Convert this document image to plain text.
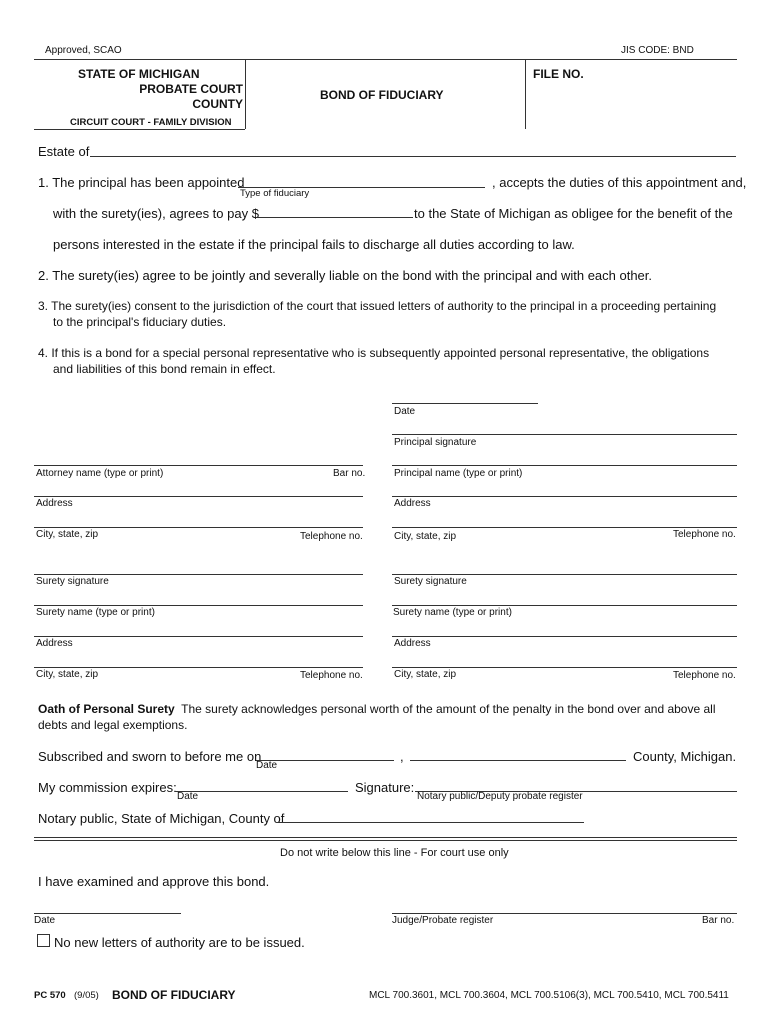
Approved, SCAO	JIS CODE: BND
STATE OF MICHIGAN
PROBATE COURT
COUNTY
CIRCUIT COURT - FAMILY DIVISION
BOND OF FIDUCIARY
FILE NO.
Estate of
1. The principal has been appointed
Type of fiduciary
, accepts the duties of this appointment and,
with the surety(ies), agrees to pay $	to the State of Michigan as obligee for the benefit of the
persons interested in the estate if the principal fails to discharge all duties according to law.
2. The surety(ies) agree to be jointly and severally liable on the bond with the principal and with each other.
3. The surety(ies) consent to the jurisdiction of the court that issued letters of authority to the principal in a proceeding pertaining
to the principal's fiduciary duties.
4. If this is a bond for a special personal representative who is subsequently appointed personal representative, the obligations
and liabilities of this bond remain in effect.
Date
Principal signature
Attorney name (type or print)	Bar no.	Principal name (type or print)
Address	Address
City, state, zip	Telephone no.	City, state, zip	Telephone no.
Surety signature	Surety signature
Surety name (type or print)	Surety name (type or print)
Address	Address
City, state, zip	Telephone no.	City, state, zip	Telephone no.
Oath of Personal Surety The surety acknowledges personal worth of the amount of the penalty in the bond over and above all
debts and legal exemptions.
Subscribed and sworn to before me on
Date
,	County, Michigan.
My commission expires:
Date
Signature:
Notary public/Deputy probate register
Notary public, State of Michigan, County of
Do not write below this line - For court use only
I have examined and approve this bond.
Date	Judge/Probate register	Bar no.
No new letters of authority are to be issued.
PC 570 (9/05) BOND OF FIDUCIARY	MCL 700.3601, MCL 700.3604, MCL 700.5106(3), MCL 700.5410, MCL 700.5411
